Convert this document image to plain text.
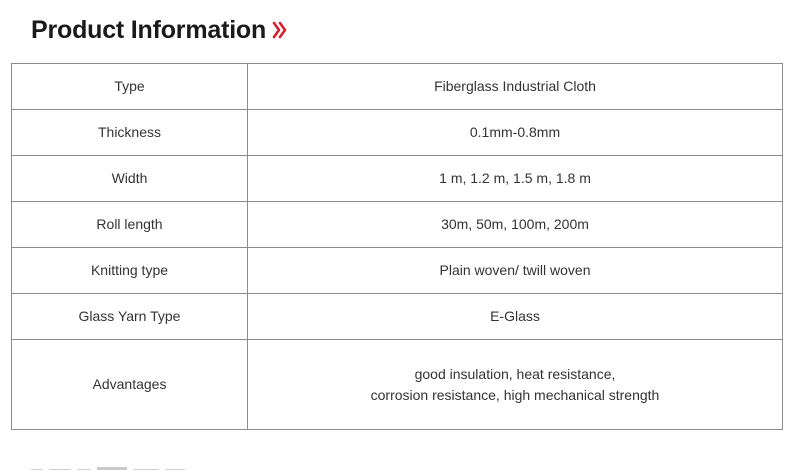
Product Information
Type	Fiberglass Industrial Cloth

Thickness	0.1mm-0.8mm

Width	1 m, 1.2 m, 1.5 m, 1.8 m

Roll length	30m, 50m, 100m, 200m

Knitting type	Plain woven/ twill woven

Glass Yarn Type	E-Glass

Advantages	good insulation, heat resistance,
corrosion resistance, high mechanical strength
